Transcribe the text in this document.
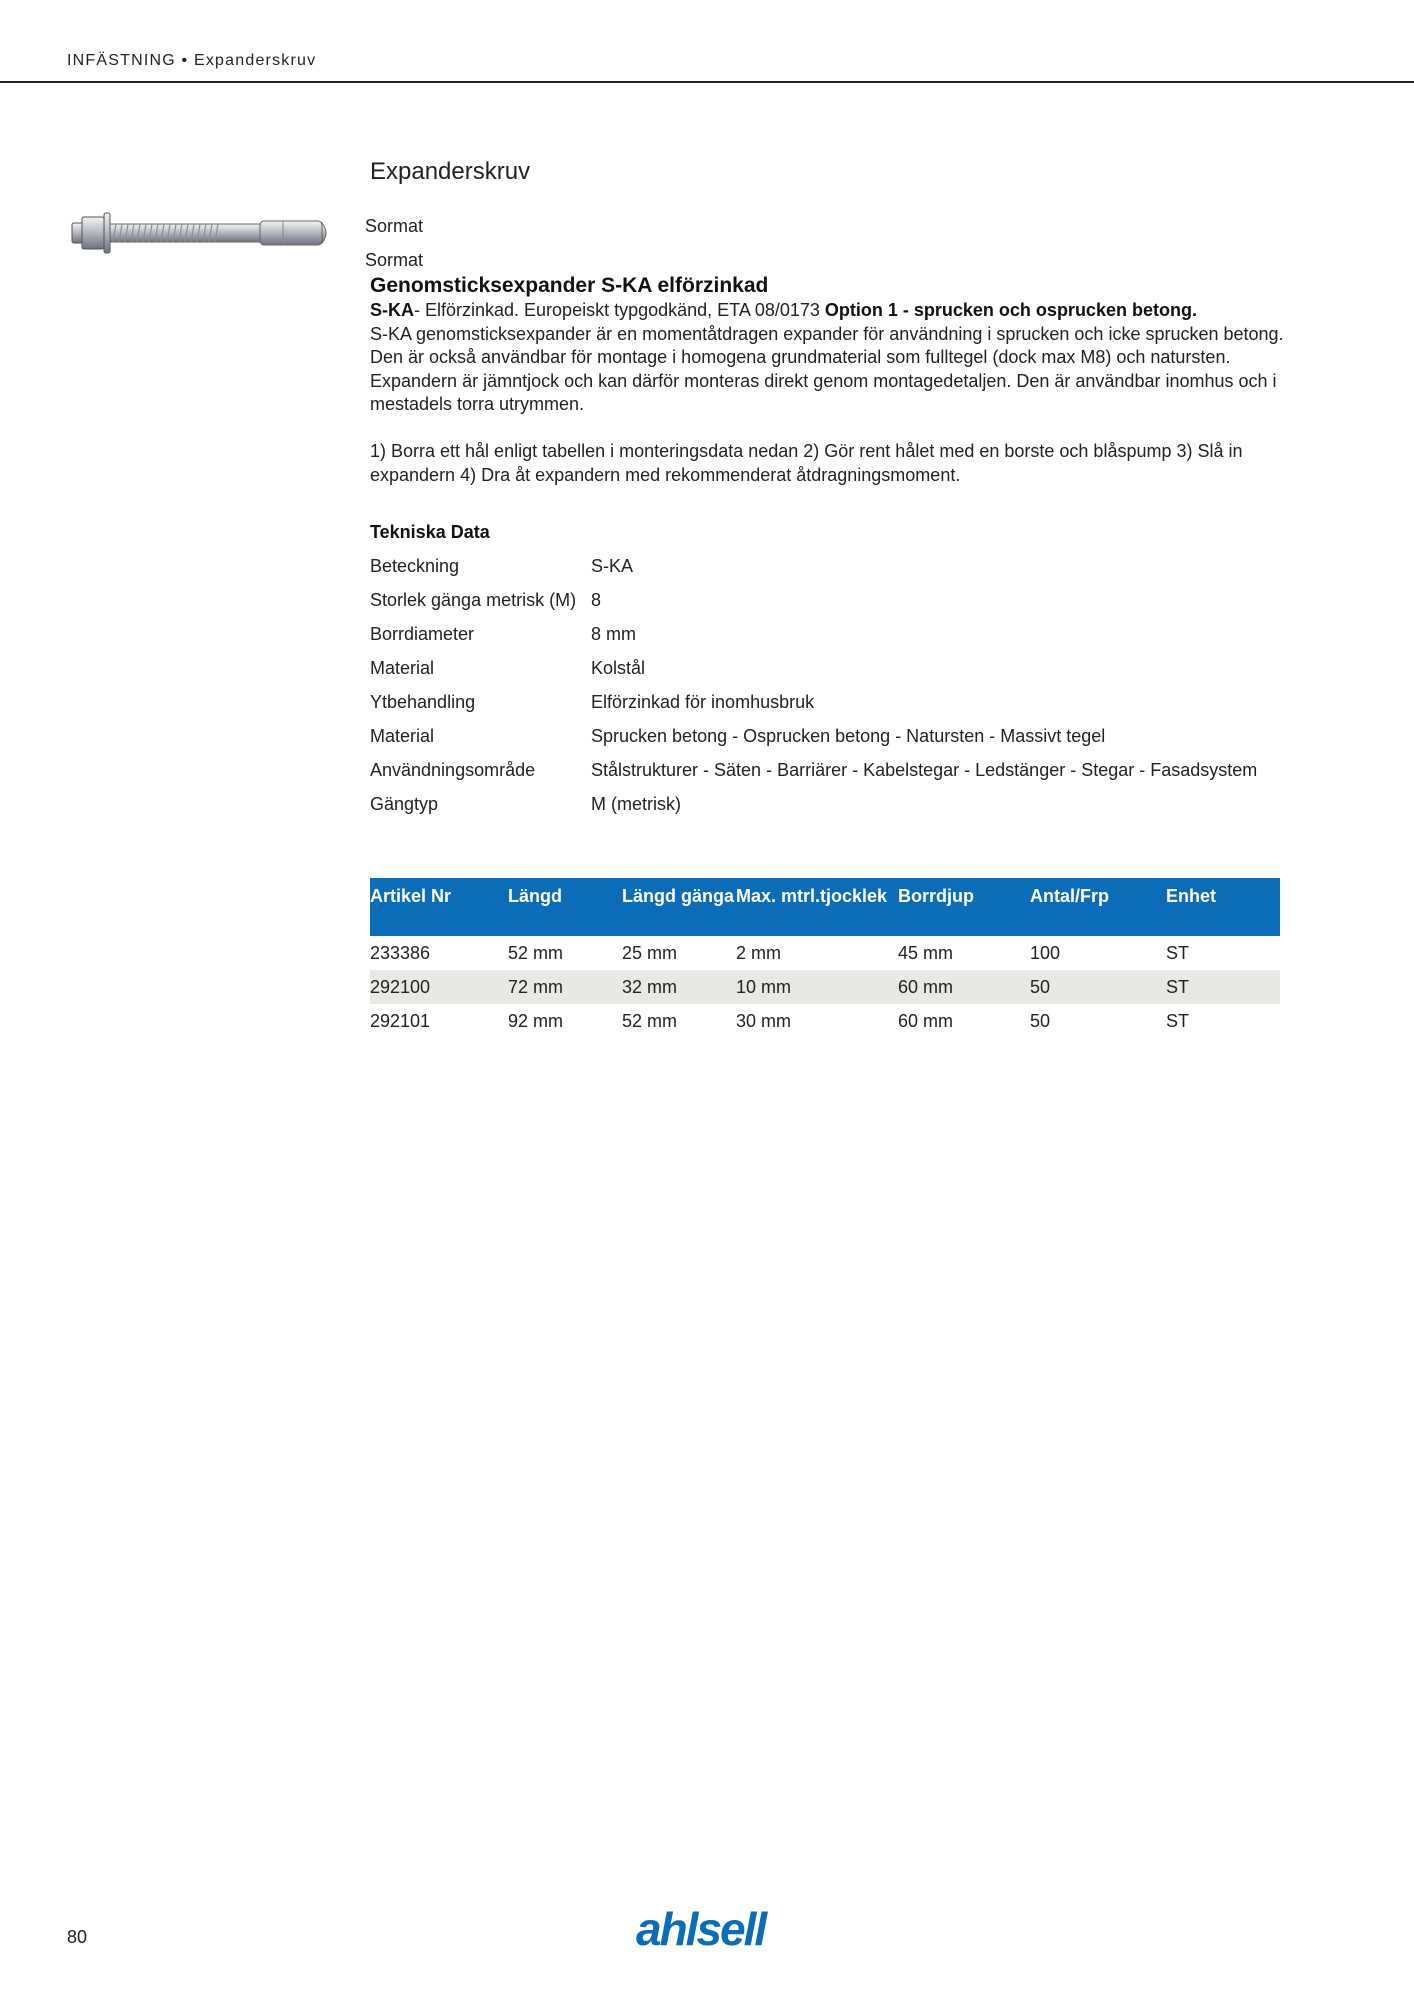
INFÄSTNING • Expanderskruv
Expanderskruv
Sormat
Sormat
Genomsticksexpander S-KA elförzinkad
S-KA- Elförzinkad. Europeiskt typgodkänd, ETA 08/0173 Option 1 - sprucken och osprucken betong.
S-KA genomsticksexpander är en momentåtdragen expander för användning i sprucken och icke sprucken betong. Den är också användbar för montage i homogena grundmaterial som fulltegel (dock max M8) och natursten. Expandern är jämntjock och kan därför monteras direkt genom montagedetaljen. Den är användbar inomhus och i mestadels torra utrymmen.
1) Borra ett hål enligt tabellen i monteringsdata nedan 2) Gör rent hålet med en borste och blåspump 3) Slå in expandern 4) Dra åt expandern med rekommenderat åtdragningsmoment.
Tekniska Data
Beteckning	S-KA
Storlek gänga metrisk (M)	8
Borrdiameter	8 mm
Material	Kolstål
Ytbehandling	Elförzinkad för inomhusbruk
Material	Sprucken betong - Osprucken betong - Natursten - Massivt tegel
Användningsområde	Stålstrukturer - Säten - Barriärer - Kabelstegar - Ledstänger - Stegar - Fasadsystem
Gängtyp	M (metrisk)
Artikel Nr	Längd	Längd gänga	Max. mtrl.tjocklek	Borrdjup	Antal/Frp	Enhet
233386	52 mm	25 mm	2 mm	45 mm	100	ST
292100	72 mm	32 mm	10 mm	60 mm	50	ST
292101	92 mm	52 mm	30 mm	60 mm	50	ST
80	ahlsell
